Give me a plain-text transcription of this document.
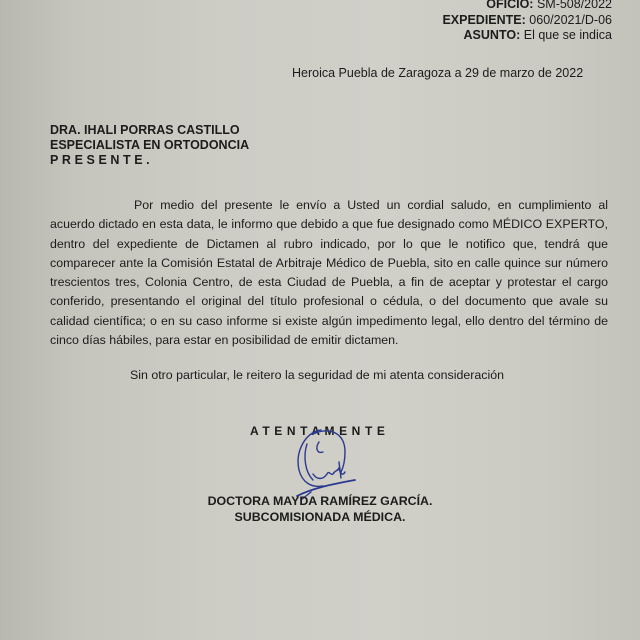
OFICIO: SM-508/2022
EXPEDIENTE: 060/2021/D-06
ASUNTO: El que se indica
Heroica Puebla de Zaragoza a 29 de marzo de 2022
DRA. IHALI PORRAS CASTILLO
ESPECIALISTA EN ORTODONCIA
PRESENTE.

Por medio del presente le envío a Usted un cordial saludo, en cumplimiento al acuerdo dictado en esta data, le informo que debido a que fue designado como MÉDICO EXPERTO, dentro del expediente de Dictamen al rubro indicado, por lo que le notifico que, tendrá que comparecer ante la Comisión Estatal de Arbitraje Médico de Puebla, sito en calle quince sur número trescientos tres, Colonia Centro, de esta Ciudad de Puebla, a fin de aceptar y protestar el cargo conferido, presentando el original del título profesional o cédula, o del documento que avale su calidad científica; o en su caso informe si existe algún impedimento legal, ello dentro del término de cinco días hábiles, para estar en posibilidad de emitir dictamen.

Sin otro particular, le reitero la seguridad de mi atenta consideración
ATENTAMENTE
DOCTORA MAYDA RAMÍREZ GARCÍA.
SUBCOMISIONADA MÉDICA.
